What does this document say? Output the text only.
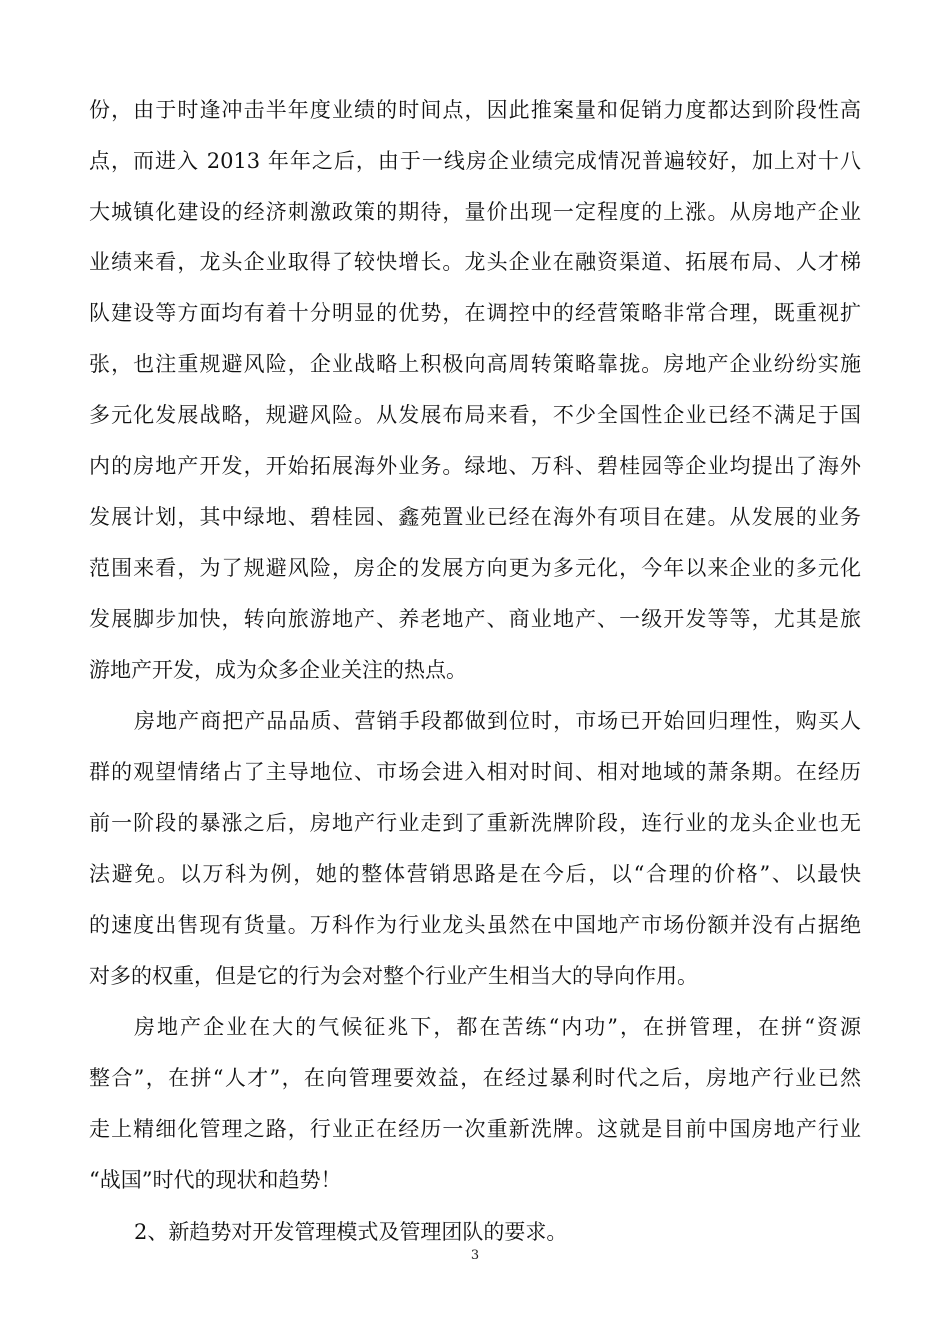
份，由于时逢冲击半年度业绩的时间点，因此推案量和促销力度都达到阶段性高
点，而进入 2013 年年之后，由于一线房企业绩完成情况普遍较好，加上对十八
大城镇化建设的经济刺激政策的期待，量价出现一定程度的上涨。从房地产企业
业绩来看，龙头企业取得了较快增长。龙头企业在融资渠道、拓展布局、人才梯
队建设等方面均有着十分明显的优势，在调控中的经营策略非常合理，既重视扩
张，也注重规避风险，企业战略上积极向高周转策略靠拢。房地产企业纷纷实施
多元化发展战略，规避风险。从发展布局来看，不少全国性企业已经不满足于国
内的房地产开发，开始拓展海外业务。绿地、万科、碧桂园等企业均提出了海外
发展计划，其中绿地、碧桂园、鑫苑置业已经在海外有项目在建。从发展的业务
范围来看，为了规避风险，房企的发展方向更为多元化，今年以来企业的多元化
发展脚步加快，转向旅游地产、养老地产、商业地产、一级开发等等，尤其是旅
游地产开发，成为众多企业关注的热点。
房地产商把产品品质、营销手段都做到位时，市场已开始回归理性，购买人
群的观望情绪占了主导地位、市场会进入相对时间、相对地域的萧条期。在经历
前一阶段的暴涨之后，房地产行业走到了重新洗牌阶段，连行业的龙头企业也无
法避免。以万科为例，她的整体营销思路是在今后，以“合理的价格”、以最快
的速度出售现有货量。万科作为行业龙头虽然在中国地产市场份额并没有占据绝
对多的权重，但是它的行为会对整个行业产生相当大的导向作用。
房地产企业在大的气候征兆下，都在苦练“内功”，在拼管理，在拼“资源
整合”，在拼“人才”，在向管理要效益，在经过暴利时代之后，房地产行业已然
走上精细化管理之路，行业正在经历一次重新洗牌。这就是目前中国房地产行业
“战国”时代的现状和趋势！
2、新趋势对开发管理模式及管理团队的要求。
3
